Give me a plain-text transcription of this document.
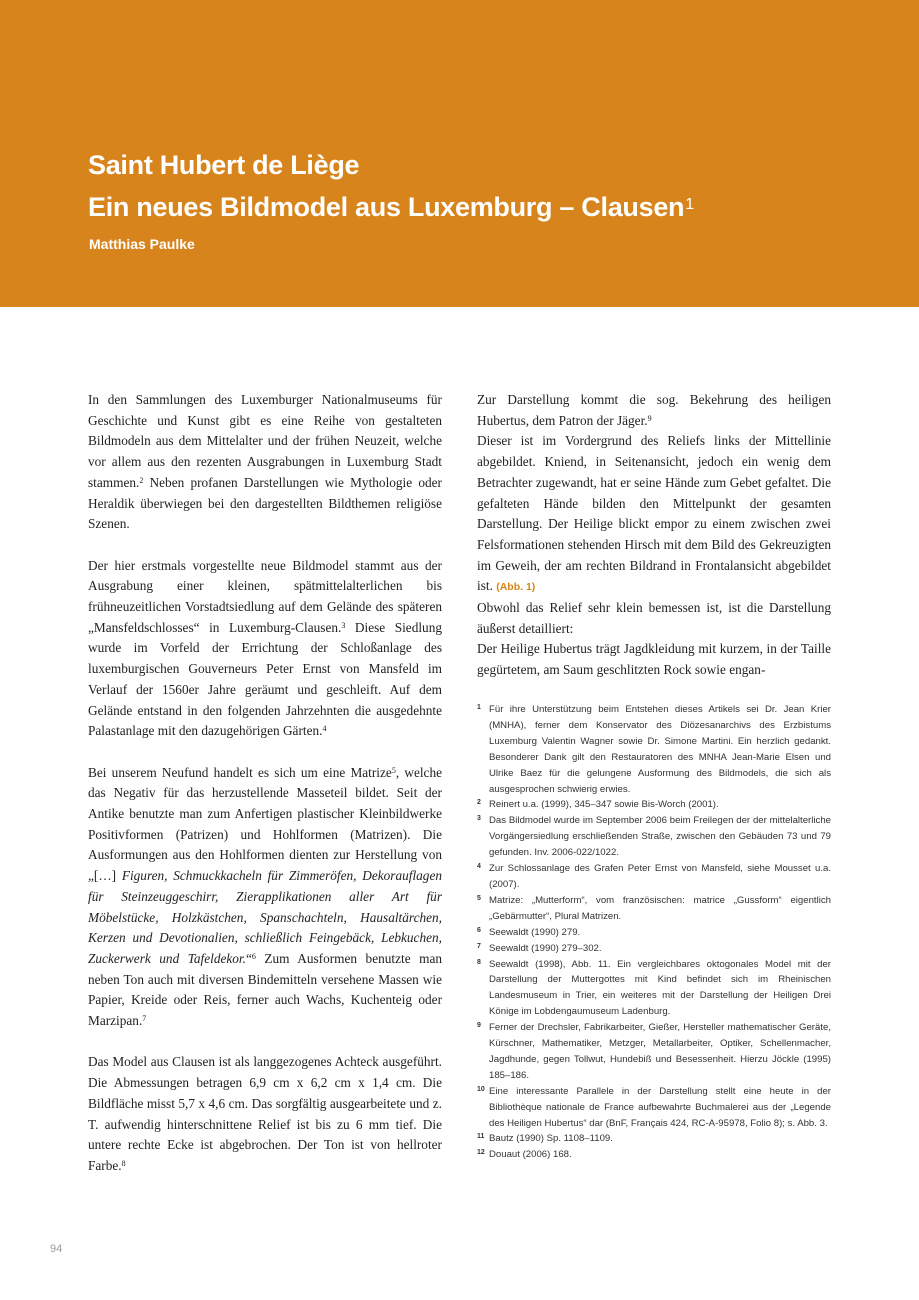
Saint Hubert de Liège
Ein neues Bildmodel aus Luxemburg – Clausen$^1$

Matthias Paulke

In den Sammlungen des Luxemburger Nationalmuseums für Geschichte und Kunst gibt es eine Reihe von gestalteten Bildmodeln aus dem Mittelalter und der frühen Neuzeit, welche vor allem aus den rezenten Ausgrabungen in Luxemburg Stadt stammen.$^2$ Neben profanen Darstellungen wie Mythologie oder Heraldik überwiegen bei den dargestellten Bildthemen religiöse Szenen.

Der hier erstmals vorgestellte neue Bildmodel stammt aus der Ausgrabung einer kleinen, spätmittelalterlichen bis frühneuzeitlichen Vorstadtsiedlung auf dem Gelände des späteren „Mansfeldschlosses“ in Luxemburg-Clausen.$^3$ Diese Siedlung wurde im Vorfeld der Errichtung der Schloßanlage des luxemburgischen Gouverneurs Peter Ernst von Mansfeld im Verlauf der 1560er Jahre geräumt und geschleift. Auf dem Gelände entstand in den folgenden Jahrzehnten die ausgedehnte Palastanlage mit den dazugehörigen Gärten.$^4$

Bei unserem Neufund handelt es sich um eine Matrize$^5$, welche das Negativ für das herzustellende Masseteil bildet. Seit der Antike benutzte man zum Anfertigen plastischer Kleinbildwerke Positivformen (Patrizen) und Hohlformen (Matrizen). Die Ausformungen aus den Hohlformen dienten zur Herstellung von „[…] Figuren, Schmuckkacheln für Zimmeröfen, Dekorauflagen für Steinzeuggeschirr, Zierapplikationen aller Art für Möbelstücke, Holzkästchen, Spanschachteln, Hausaltärchen, Kerzen und Devotionalien, schließlich Feingebäck, Lebkuchen, Zuckerwerk und Tafeldekor.“$^6$ Zum Ausformen benutzte man neben Ton auch mit diversen Bindemitteln versehene Massen wie Papier, Kreide oder Reis, ferner auch Wachs, Kuchenteig oder Marzipan.$^7$

Das Model aus Clausen ist als langgezogenes Achteck ausgeführt. Die Abmessungen betragen 6,9 cm x 6,2 cm x 1,4 cm. Die Bildfläche misst 5,7 x 4,6 cm. Das sorgfältig ausgearbeitete und z. T. aufwendig hinterschnittene Relief ist bis zu 6 mm tief. Die untere rechte Ecke ist abgebrochen. Der Ton ist von hellroter Farbe.$^8$

Zur Darstellung kommt die sog. Bekehrung des heiligen Hubertus, dem Patron der Jäger.$^9$

Dieser ist im Vordergrund des Reliefs links der Mittellinie abgebildet. Kniend, in Seitenansicht, jedoch ein wenig dem Betrachter zugewandt, hat er seine Hände zum Gebet gefaltet. Die gefalteten Hände bilden den Mittelpunkt der gesamten Darstellung. Der Heilige blickt empor zu einem zwischen zwei Felsformationen stehenden Hirsch mit dem Bild des Gekreuzigten im Geweih, der am rechten Bildrand in Frontalansicht abgebildet ist. (Abb. 1)

Obwohl das Relief sehr klein bemessen ist, ist die Darstellung äußerst detailliert:

Der Heilige Hubertus trägt Jagdkleidung mit kurzem, in der Taille gegürtetem, am Saum geschlitzten Rock sowie engan-

1 Für ihre Unterstützung beim Entstehen dieses Artikels sei Dr. Jean Krier (MNHA), ferner dem Konservator des Diözesanarchivs des Erzbistums Luxemburg Valentin Wagner sowie Dr. Simone Martini. Ein herzlich gedankt. Besonderer Dank gilt den Restauratoren des MNHA Jean-Marie Elsen und Ulrike Baez für die gelungene Ausformung des Bildmodels, die sich als ausgesprochen schwierig erwies.
2 Reinert u.a. (1999), 345–347 sowie Bis-Worch (2001).
3 Das Bildmodel wurde im September 2006 beim Freilegen der der mittelalterliche Vorgängersiedlung erschließenden Straße, zwischen den Gebäuden 73 und 79 gefunden. Inv. 2006-022/1022.
4 Zur Schlossanlage des Grafen Peter Ernst von Mansfeld, siehe Mousset u.a. (2007).
5 Matrize: „Mutterform“, vom französischen: matrice „Gussform“ eigentlich „Gebärmutter“, Plural Matrizen.
6 Seewaldt (1990) 279.
7 Seewaldt (1990) 279–302.
8 Seewaldt (1998), Abb. 11. Ein vergleichbares oktogonales Model mit der Darstellung der Muttergottes mit Kind befindet sich im Rheinischen Landesmuseum in Trier, ein weiteres mit der Darstellung der Heiligen Drei Könige im Lobdengaumuseum Ladenburg.
9 Ferner der Drechsler, Fabrikarbeiter, Gießer, Hersteller mathematischer Geräte, Kürschner, Mathematiker, Metzger, Metallarbeiter, Optiker, Schellenmacher, Jagdhunde, gegen Tollwut, Hundebiß und Besessenheit. Hierzu Jöckle (1995) 185–186.
10 Eine interessante Parallele in der Darstellung stellt eine heute in der Bibliothèque nationale de France aufbewahrte Buchmalerei aus der „Legende des Heiligen Hubertus“ dar (BnF, Français 424, RC-A-95978, Folio 8); s. Abb. 3.
11 Bautz (1990) Sp. 1108–1109.
12 Douaut (2006) 168.
94
